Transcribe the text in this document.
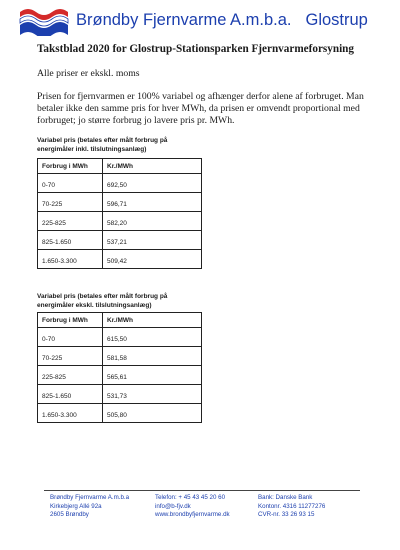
Brøndby Fjernvarme A.m.b.a. Glostrup
Takstblad 2020 for Glostrup-Stationsparken Fjernvarmeforsyning
Alle priser er ekskl. moms
Prisen for fjernvarmen er 100% variabel og afhænger derfor alene af forbruget. Man betaler ikke den samme pris for hver MWh, da prisen er omvendt proportional med forbruget; jo større forbrug jo lavere pris pr. MWh.
Variabel pris (betales efter målt forbrug på
energimåler inkl. tilslutningsanlæg)
Forbrug i MWh	Kr./MWh
0-70	692,50
70-225	596,71
225-825	582,20
825-1.650	537,21
1.650-3.300	509,42
Variabel pris (betales efter målt forbrug på
energimåler ekskl. tilslutningsanlæg)
Forbrug i MWh	Kr./MWh
0-70	615,50
70-225	581,58
225-825	565,61
825-1.650	531,73
1.650-3.300	505,80
Brøndby Fjernvarme A.m.b.a
Kirkebjerg Allé 92a
2605 Brøndby
Telefon: + 45 43 45 20 60
info@b-fjv.dk
www.brondbyfjernvarme.dk
Bank: Danske Bank
Kontonr. 4316 11277276
CVR-nr. 33 26 93 15
